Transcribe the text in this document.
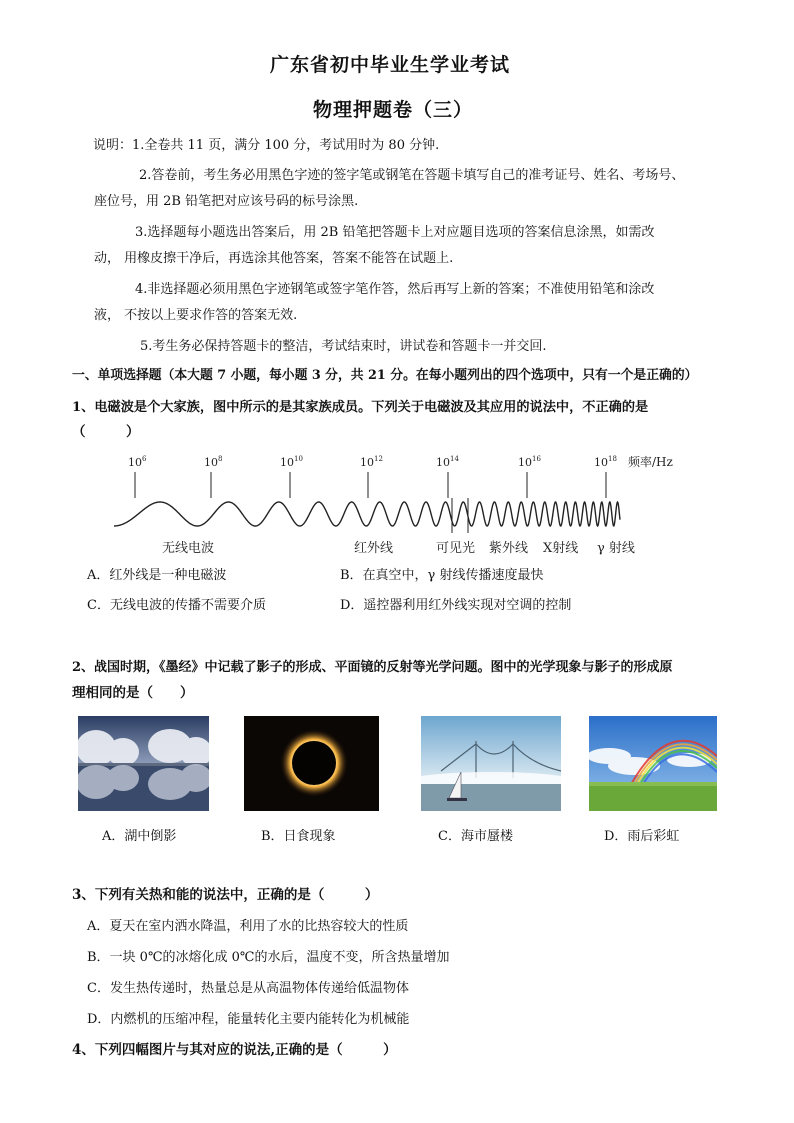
广东省初中毕业生学业考试
物理押题卷（三）
说明：1.全卷共 11 页，满分 100 分，考试用时为 80 分钟.
2.答卷前，考生务必用黑色字迹的签字笔或钢笔在答题卡填写自己的准考证号、姓名、考场号、
座位号，用 2B 铅笔把对应该号码的标号涂黑.
3.选择题每小题选出答案后，用 2B 铅笔把答题卡上对应题目选项的答案信息涂黑，如需改
动， 用橡皮擦干净后，再选涂其他答案，答案不能答在试题上.
4.非选择题必须用黑色字迹钢笔或签字笔作答，然后再写上新的答案；不准使用铅笔和涂改
液， 不按以上要求作答的答案无效.
5.考生务必保持答题卡的整洁，考试结束时，讲试卷和答题卡一并交回.
一、单项选择题（本大题 7 小题，每小题 3 分，共 21 分。在每小题列出的四个选项中，只有一个是正确的）
1、电磁波是个大家族，图中所示的是其家族成员。下列关于电磁波及其应用的说法中，不正确的是
（　　　）
$10^6$	$10^8$	$10^{10}$	$10^{12}$	$10^{14}$	$10^{16}$	$10^{18}$ 频率/Hz
无线电波	红外线	可见光 紫外线 X射线 γ 射线
A．红外线是一种电磁波	B．在真空中，γ 射线传播速度最快
C．无线电波的传播不需要介质	D．遥控器利用红外线实现对空调的控制
2、战国时期，《墨经》中记载了影子的形成、平面镜的反射等光学问题。图中的光学现象与影子的形成原
理相同的是（　　）
A．湖中倒影	B．日食现象	C．海市蜃楼	D．雨后彩虹
3、下列有关热和能的说法中，正确的是（　　　）
A．夏天在室内洒水降温，利用了水的比热容较大的性质
B．一块 0℃的冰熔化成 0℃的水后，温度不变，所含热量增加
C．发生热传递时，热量总是从高温物体传递给低温物体
D．内燃机的压缩冲程，能量转化主要内能转化为机械能
4、下列四幅图片与其对应的说法,正确的是（　　　）
